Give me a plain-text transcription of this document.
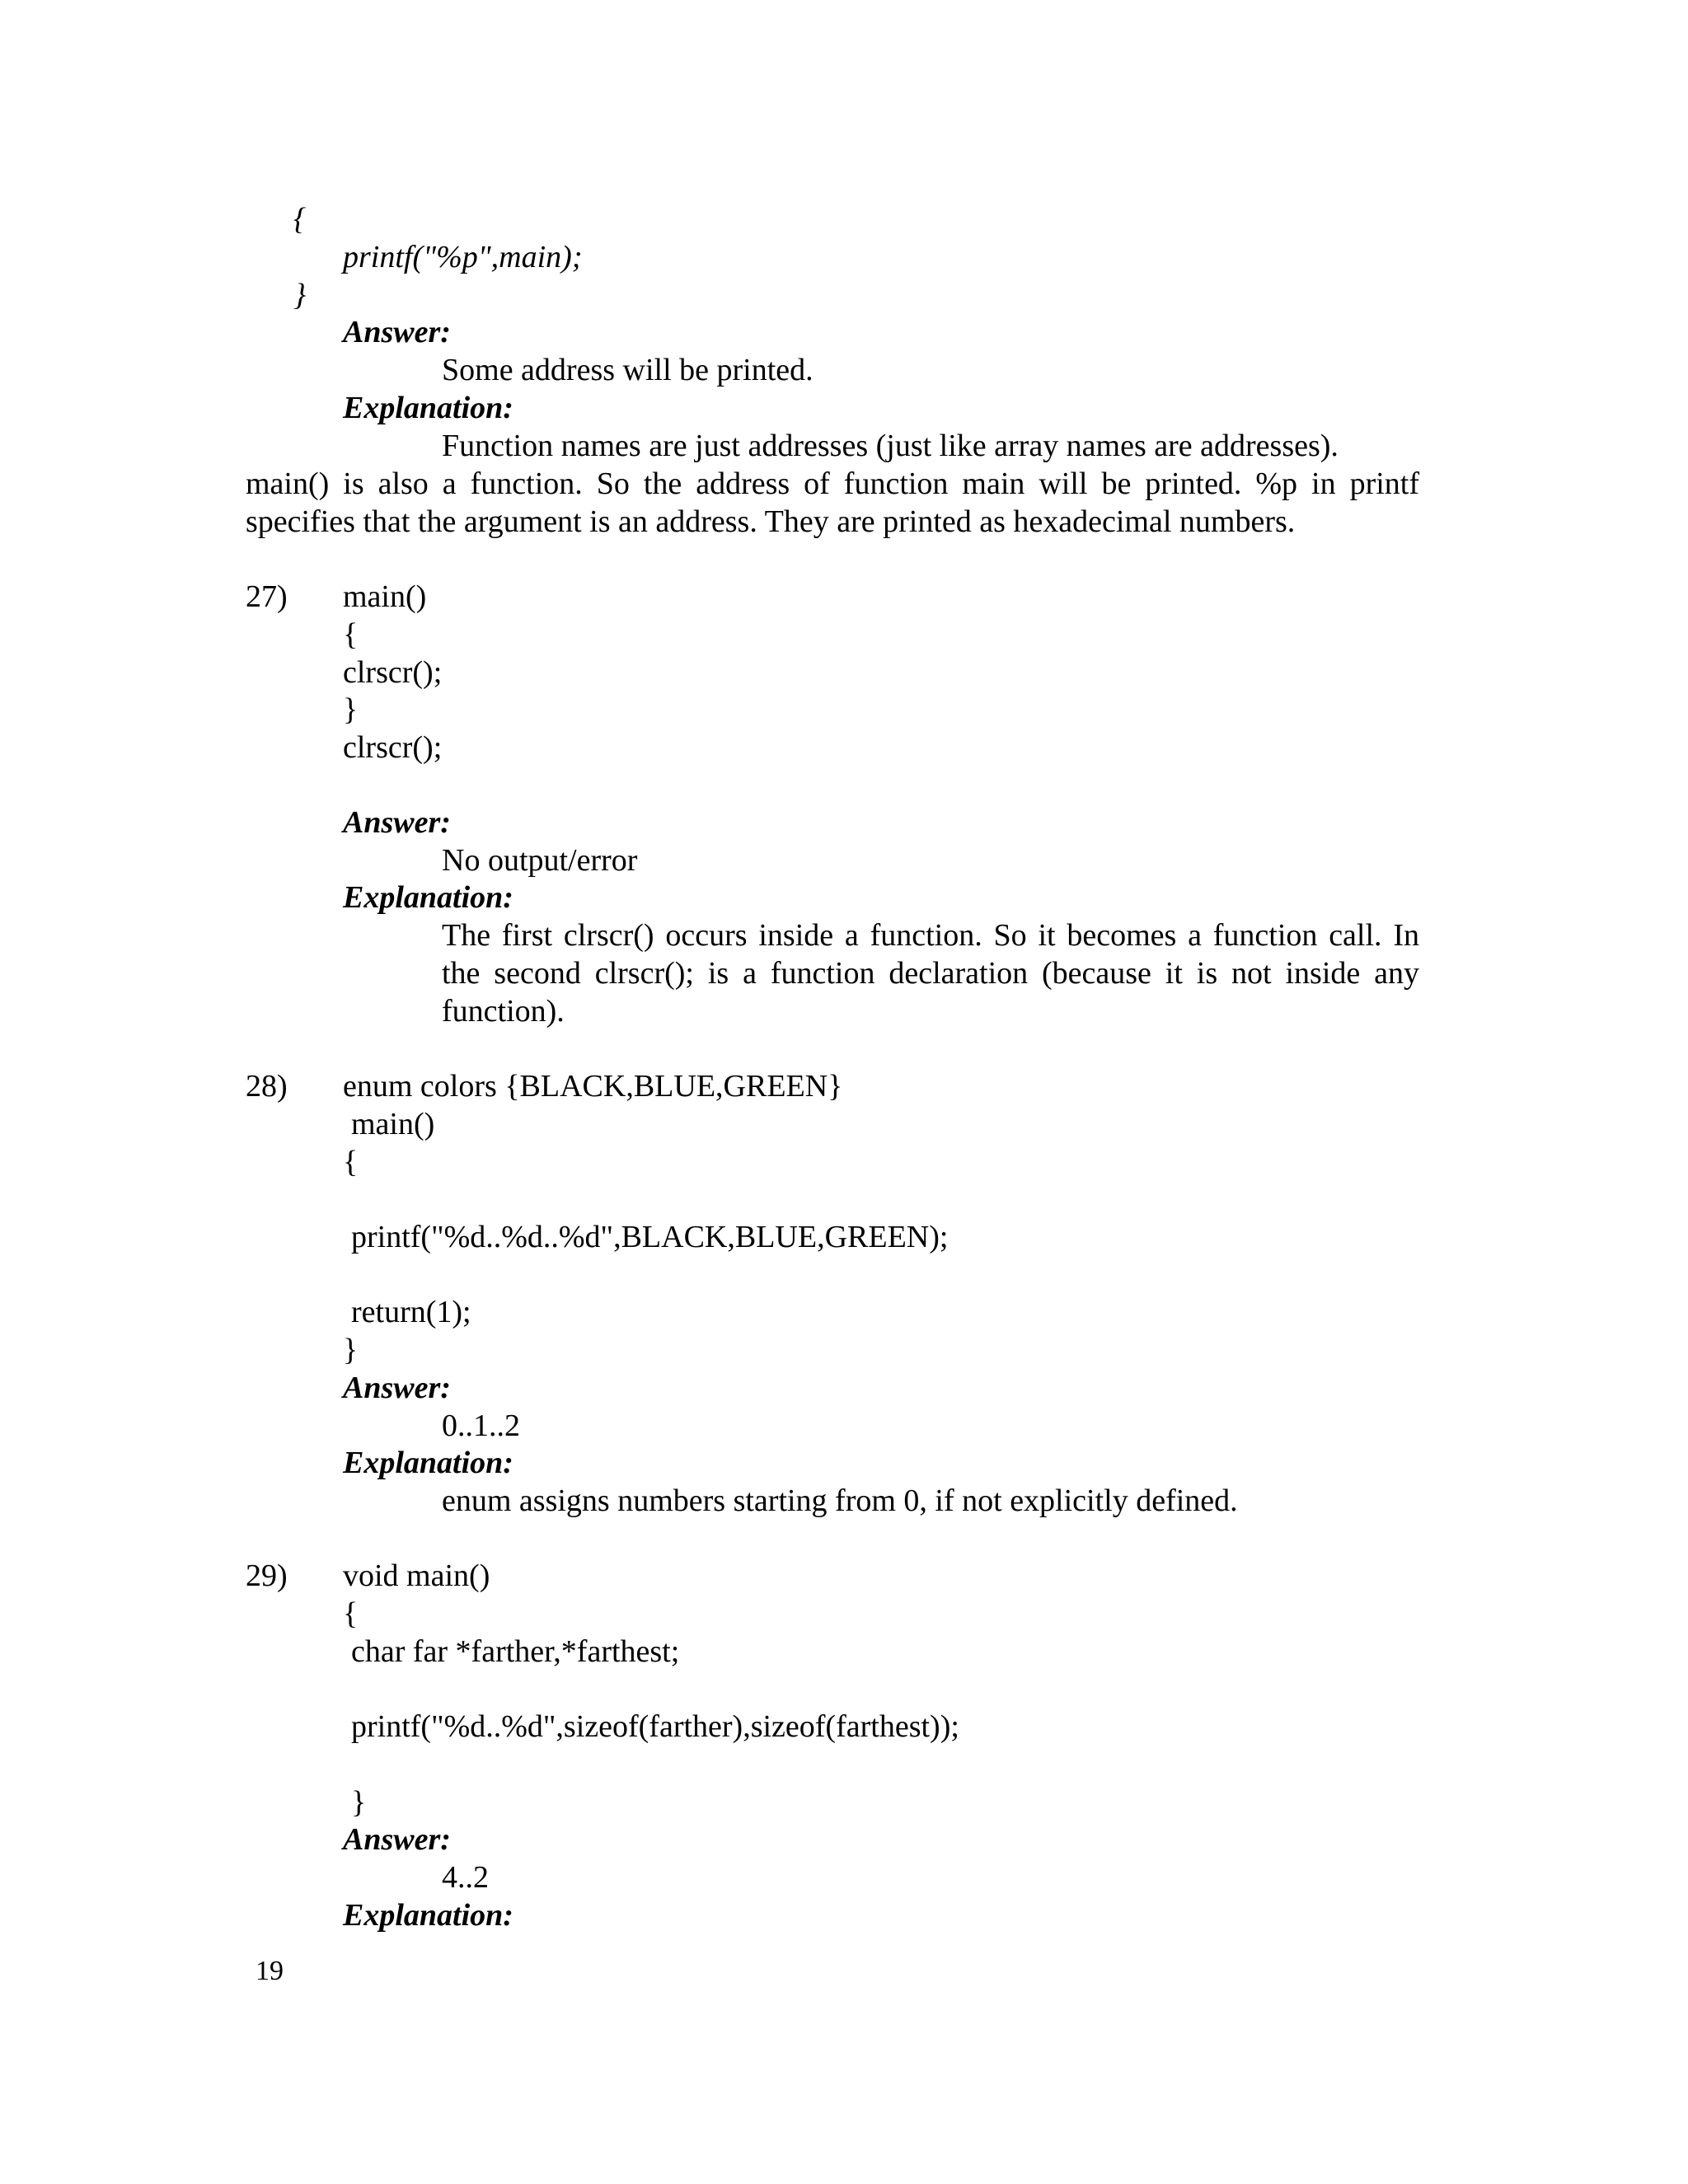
{
printf("%p",main);
}
Answer:
Some address will be printed.
Explanation:
Function names are just addresses (just like array names are addresses).
main() is also a function. So the address of function main will be printed. %p in printf specifies that the argument is an address. They are printed as hexadecimal numbers.
27) main()
{
clrscr();
}
clrscr();
Answer:
No output/error
Explanation:
The first clrscr() occurs inside a function. So it becomes a function call. In the second clrscr(); is a function declaration (because it is not inside any function).
28) enum colors {BLACK,BLUE,GREEN}
main()
{
printf("%d..%d..%d",BLACK,BLUE,GREEN);
return(1);
}
Answer:
0..1..2
Explanation:
enum assigns numbers starting from 0, if not explicitly defined.
29) void main()
{
char far *farther,*farthest;
printf("%d..%d",sizeof(farther),sizeof(farthest));
}
Answer:
4..2
Explanation:
19
